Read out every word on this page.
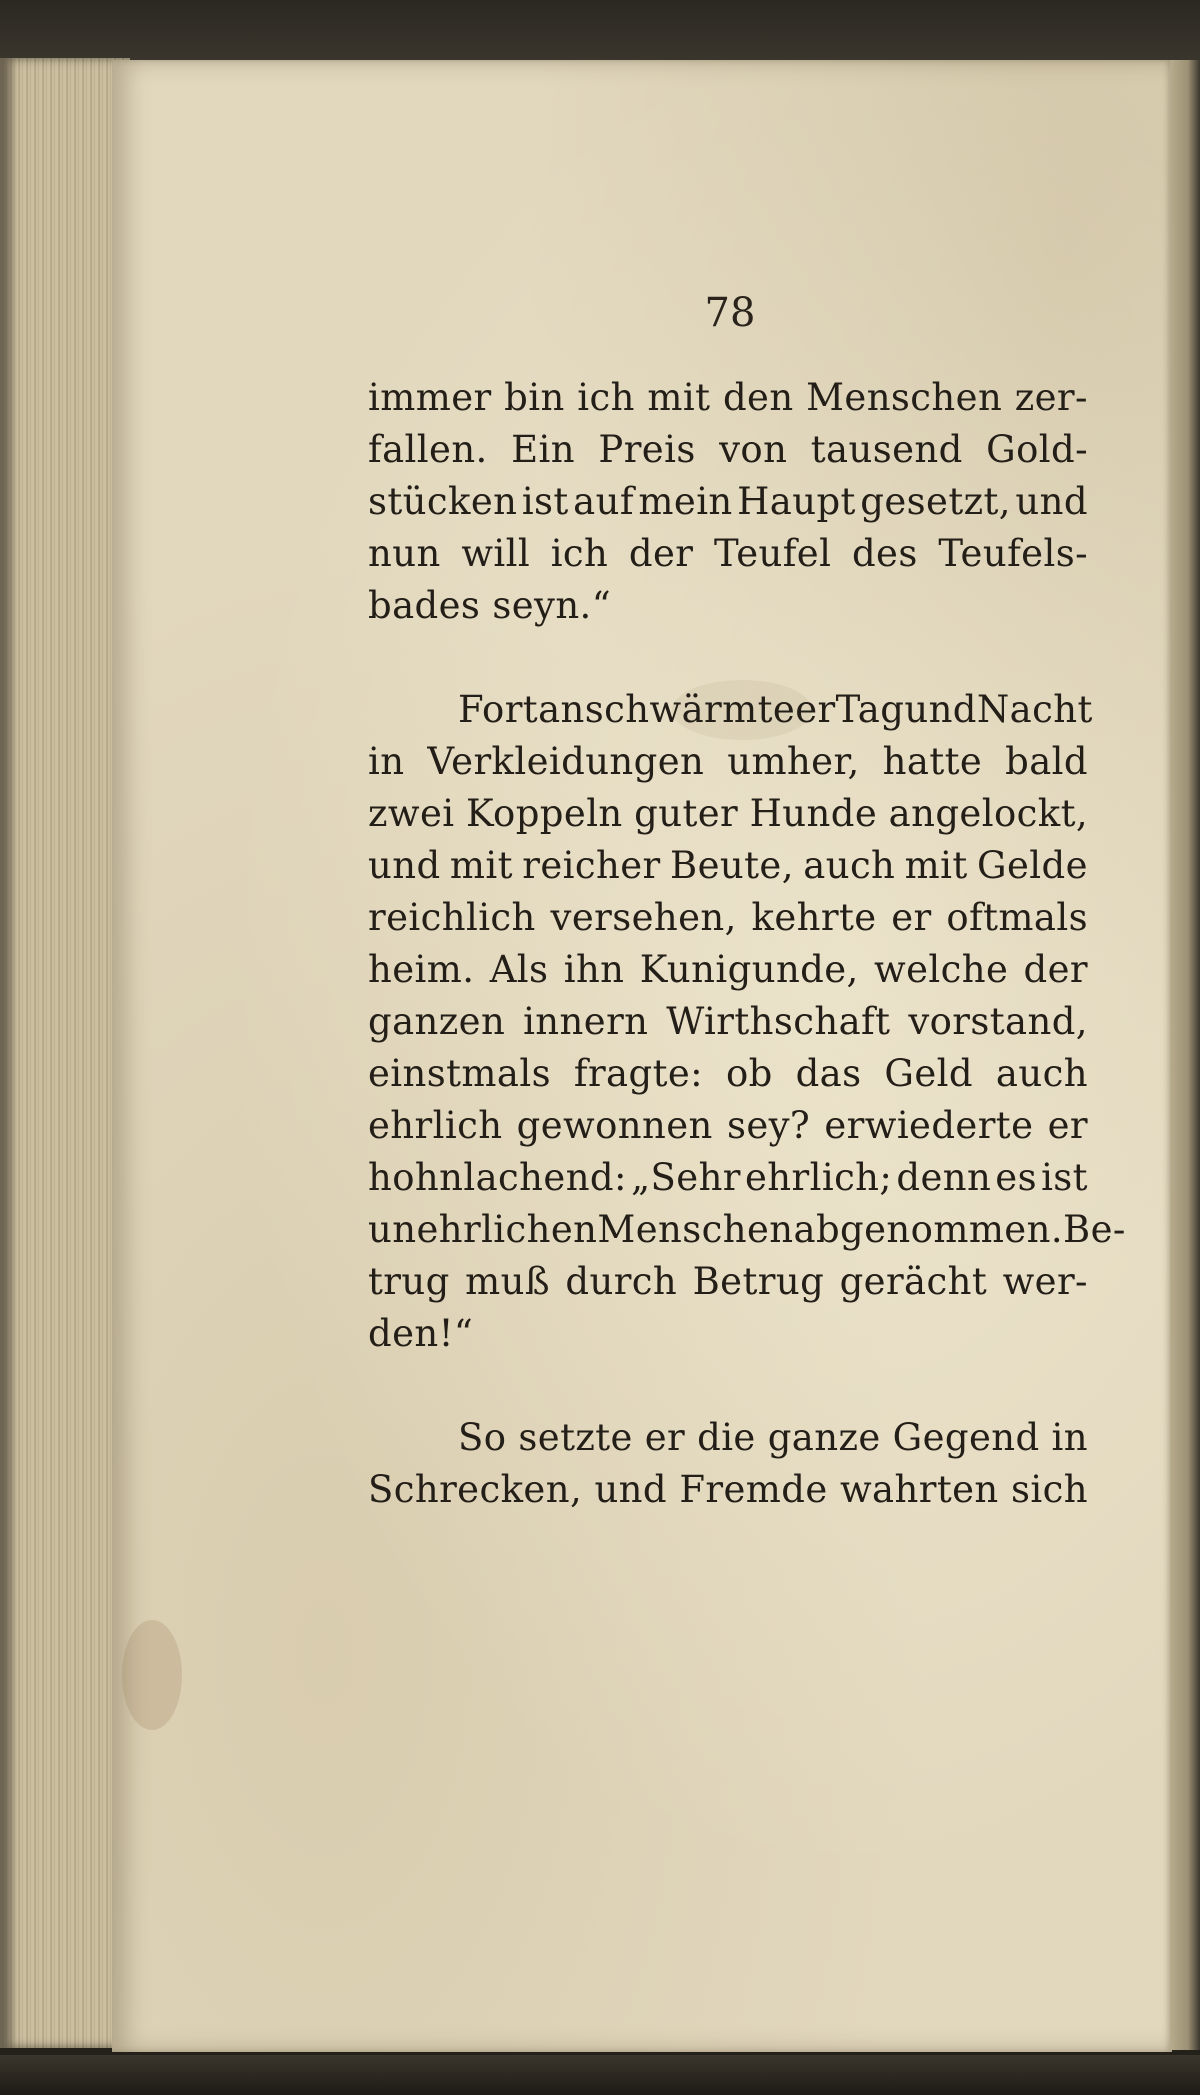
78
immer bin ich mit den Menschen zer-
fallen. Ein Preis von tausend Gold-
stücken ist auf mein Haupt gesetzt, und
nun will ich der Teufel des Teufels-
bades seyn.“
Fortan schwärmte er Tag und Nacht
in Verkleidungen umher, hatte bald
zwei Koppeln guter Hunde angelockt,
und mit reicher Beute, auch mit Gelde
reichlich versehen, kehrte er oftmals
heim. Als ihn Kunigunde, welche der
ganzen innern Wirthschaft vorstand,
einstmals fragte: ob das Geld auch
ehrlich gewonnen sey? erwiederte er
hohnlachend: „Sehr ehrlich; denn es ist
unehrlichen Menschen abgenommen. Be-
trug muß durch Betrug gerächt wer-
den!“
So setzte er die ganze Gegend in
Schrecken, und Fremde wahrten sich
